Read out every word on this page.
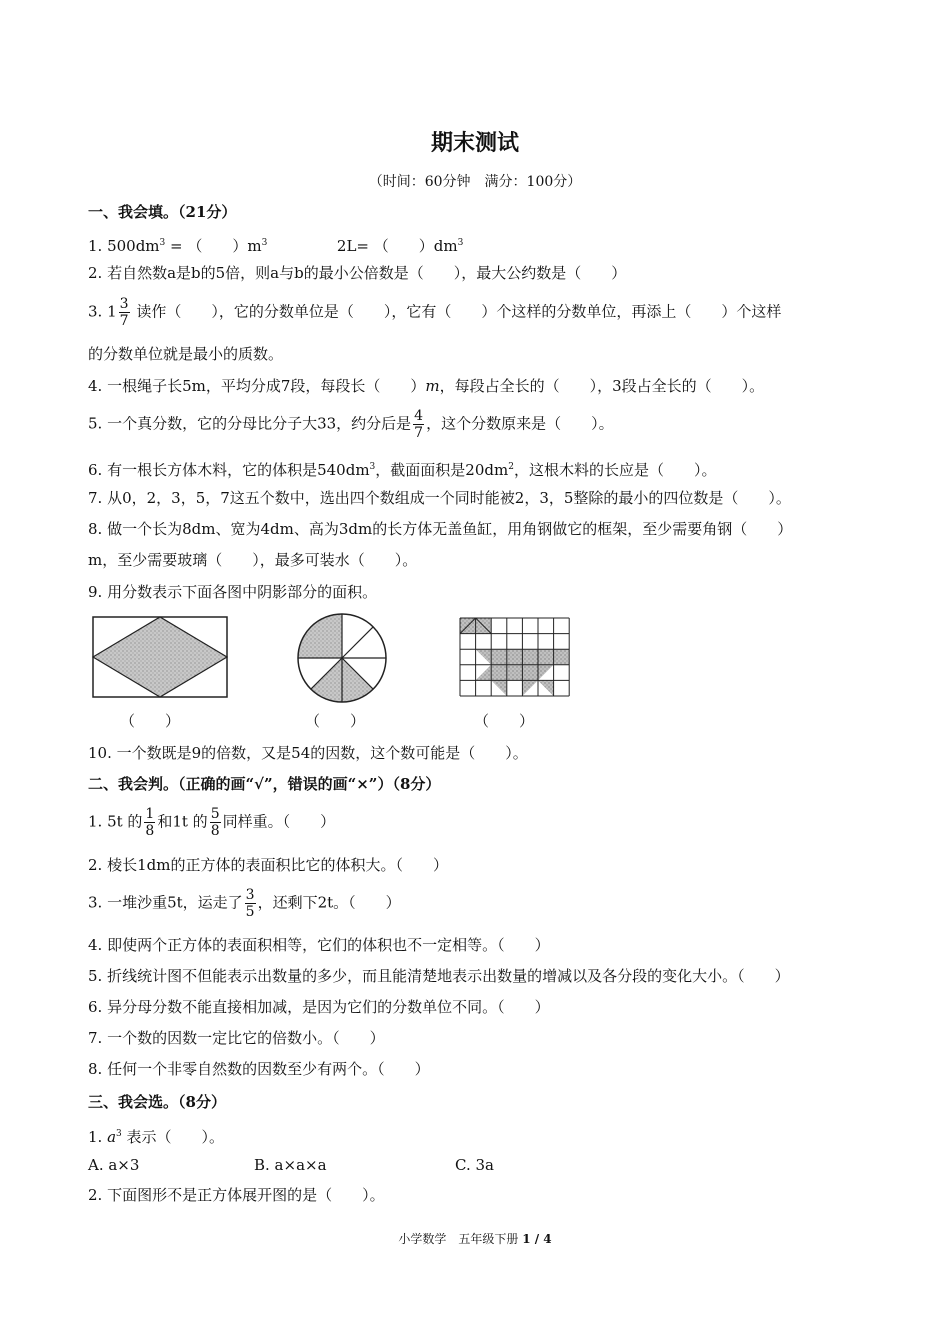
期末测试
（时间：60分钟　满分：100分）
一、我会填。（21分）
1. $500dm^3$ = （　　）$m^3$	2L= （　　）$dm^3$
2. 若自然数a是b的5倍，则a与b的最小公倍数是（　　），最大公约数是（　　）
3. $1 \frac{3}{7}$ 读作（　　），它的分数单位是（　　），它有（　　）个这样的分数单位，再添上（　　）个这样
的分数单位就是最小的质数。
4. 一根绳子长5m，平均分成7段，每段长（　　）m，每段占全长的（　　），3段占全长的（　　）。
5. 一个真分数，它的分母比分子大33，约分后是 $\frac{4}{7}$ ，这个分数原来是（　　）。
6. 有一根长方体木料，它的体积是$540dm^3$，截面面积是$20dm^2$，这根木料的长应是（　　）。
7. 从0，2，3，5，7这五个数中，选出四个数组成一个同时能被2，3，5整除的最小的四位数是（　　）。
8. 做一个长为8dm、宽为4dm、高为3dm的长方体无盖鱼缸，用角钢做它的框架，至少需要角钢（　　）
m，至少需要玻璃（　　），最多可装水（　　）。
9. 用分数表示下面各图中阴影部分的面积。
（　　）	（　　）	（　　）
10. 一个数既是9的倍数，又是54的因数，这个数可能是（　　）。
二、我会判。（正确的画“√”，错误的画“×”）（8分）
1. 5t 的 $\frac{1}{8}$ 和1t 的 $\frac{5}{8}$ 同样重。（　　）
2. 棱长1dm的正方体的表面积比它的体积大。（　　）
3. 一堆沙重5t，运走了 $\frac{3}{5}$ ，还剩下2t。（　　）
4. 即使两个正方体的表面积相等，它们的体积也不一定相等。（　　）
5. 折线统计图不但能表示出数量的多少，而且能清楚地表示出数量的增减以及各分段的变化大小。（　　）
6. 异分母分数不能直接相加减，是因为它们的分数单位不同。（　　）
7. 一个数的因数一定比它的倍数小。（　　）
8. 任何一个非零自然数的因数至少有两个。（　　）
三、我会选。（8分）
1. $a^3$ 表示（　　）。
A. a×3	B. a×a×a	C. 3a
2. 下面图形不是正方体展开图的是（　　）。
小学数学　五年级下册 1 / 4
